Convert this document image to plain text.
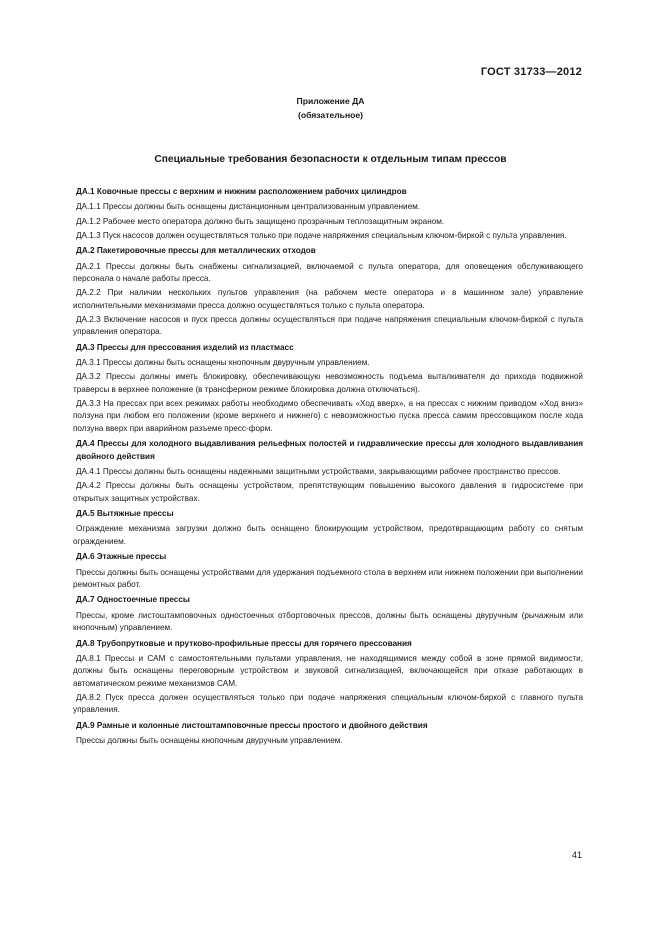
ГОСТ 31733—2012
Приложение ДА
(обязательное)
Специальные требования безопасности к отдельным типам прессов
ДА.1 Ковочные прессы с верхним и нижним расположением рабочих цилиндров
ДА.1.1 Прессы должны быть оснащены дистанционным централизованным управлением.
ДА.1.2 Рабочее место оператора должно быть защищено прозрачным теплозащитным экраном.
ДА.1.3 Пуск насосов должен осуществляться только при подаче напряжения специальным ключом-биркой с пульта управления.
ДА.2 Пакетировочные прессы для металлических отходов
ДА.2.1 Прессы должны быть снабжены сигнализацией, включаемой с пульта оператора, для оповещения обслуживающего персонала о начале работы пресса.
ДА.2.2 При наличии нескольких пультов управления (на рабочем месте оператора и в машинном зале) управление исполнительными механизмами пресса должно осуществляться только с пульта оператора.
ДА.2.3 Включение насосов и пуск пресса должны осуществляться при подаче напряжения специальным ключом-биркой с пульта управления оператора.
ДА.3 Прессы для прессования изделий из пластмасс
ДА.3.1 Прессы должны быть оснащены кнопочным двуручным управлением.
ДА.3.2 Прессы должны иметь блокировку, обеспечивающую невозможность подъема выталкивателя до прихода подвижной траверсы в верхнее положение (в трансферном режиме блокировка должна отключаться).
ДА.3.3 На прессах при всех режимах работы необходимо обеспечивать «Ход вверх», а на прессах с нижним приводом «Ход вниз» ползуна при любом его положении (кроме верхнего и нижнего) с невозможностью пуска пресса самим прессовщиком после хода ползуна вверх при аварийном разъеме пресс-форм.
ДА.4 Прессы для холодного выдавливания рельефных полостей и гидравлические прессы для холодного выдавливания двойного действия
ДА.4.1 Прессы должны быть оснащены надежными защитными устройствами, закрывающими рабочее пространство прессов.
ДА.4.2 Прессы должны быть оснащены устройством, препятствующим повышению высокого давления в гидросистеме при открытых защитных устройствах.
ДА.5 Вытяжные прессы
Ограждение механизма загрузки должно быть оснащено блокирующим устройством, предотвращающим работу со снятым ограждением.
ДА.6 Этажные прессы
Прессы должны быть оснащены устройствами для удержания подъемного стола в верхнем или нижнем положении при выполнении ремонтных работ.
ДА.7 Одностоечные прессы
Прессы, кроме листоштамповочных одностоечных отбортовочных прессов, должны быть оснащены двуручным (рычажным или кнопочным) управлением.
ДА.8 Трубопрутковые и прутково-профильные прессы для горячего прессования
ДА.8.1 Прессы и САМ с самостоятельными пультами управления, не находящимися между собой в зоне прямой видимости, должны быть оснащены переговорным устройством и звуковой сигнализацией, включающейся при отказе работающих в автоматическом режиме механизмов САМ.
ДА.8.2 Пуск пресса должен осуществляться только при подаче напряжения специальным ключом-биркой с главного пульта управления.
ДА.9 Рамные и колонные листоштамповочные прессы простого и двойного действия
Прессы должны быть оснащены кнопочным двуручным управлением.
41
